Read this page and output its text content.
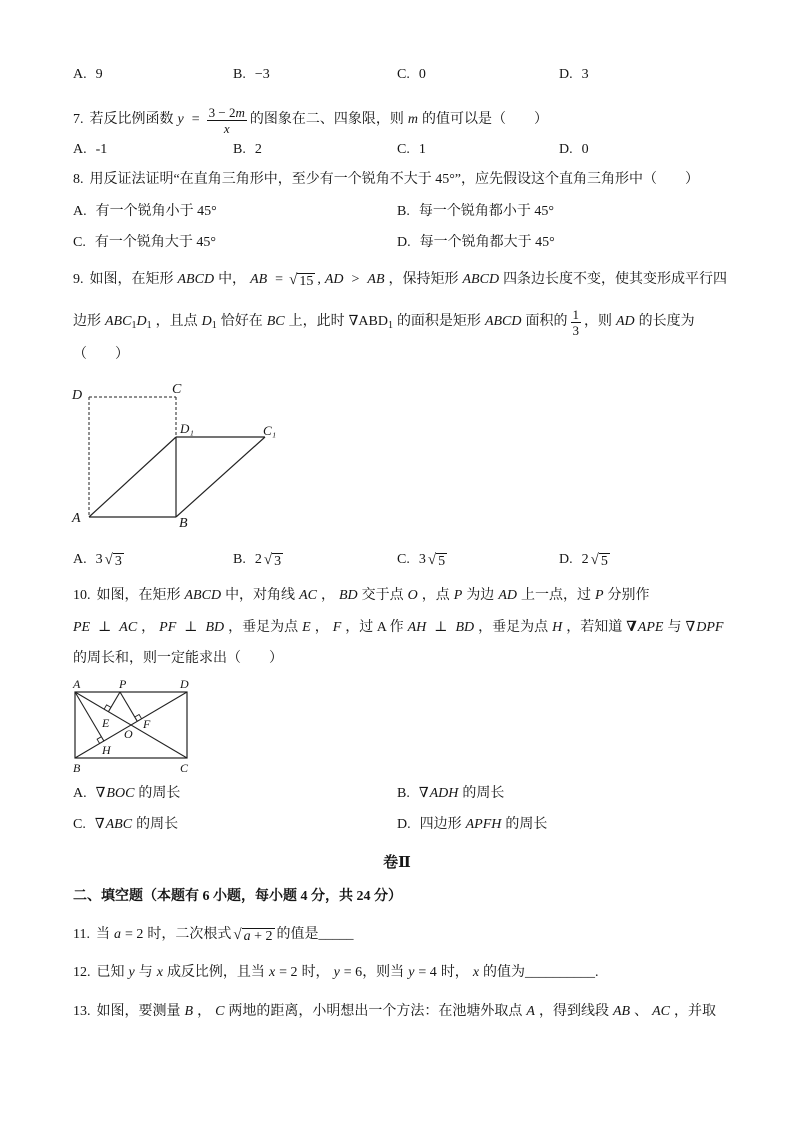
A. 9	B. −3	C. 0	D. 3
7. 若反比例函数 $y = \frac{3 - 2m}{x}$ 的图象在二、四象限，则 m 的值可以是（　　）
A. -1	B. 2	C. 1	D. 0
8. 用反证法证明“在直角三角形中，至少有一个锐角不大于 45°”，应先假设这个直角三角形中（　　）
A. 有一个锐角小于 45°	B. 每一个锐角都小于 45°
C. 有一个锐角大于 45°	D. 每一个锐角都大于 45°
9. 如图，在矩形 ABCD 中， AB = √ 15 , AD > AB ，保持矩形 ABCD 四条边长度不变，使其变形成平行四
边形 $ABC_1D_1$ ，且点 $D_1$ 恰好在 BC 上，此时 $\nabla ABD_1$ 的面积是矩形 ABCD 面积的 $\frac{1}{3}$ ，则 AD 的长度为
（　　）
D	C
D₁	C₁
A	B
A. 3 √ 3	B. 2 √ 3	C. 3 √ 5	D. 2 √ 5
10. 如图，在矩形 ABCD 中，对角线 AC ， BD 交于点 O ，点 P 为边 AD 上一点，过 P 分别作
PE ⊥ AC ， PF ⊥ BD ，垂足为点 E ， F ，过 A 作 AH ⊥ BD ，垂足为点 H ，若知道 ∇ APE 与 ∇ DPF
的周长和，则一定能求出（　　）
A	P	D
E	F
O
H
B	C
A. ∇ BOC 的周长	B. ∇ ADH 的周长
C. ∇ ABC 的周长	D. 四边形 APFH 的周长
卷Ⅱ
二、填空题（本题有 6 小题，每小题 4 分，共 24 分）
11. 当 a = 2 时，二次根式 √ a + 2 的值是 _____
12. 已知 y 与 x 成反比例，且当 x = 2 时， y = 6 ，则当 y = 4 时， x 的值为 __________ .
13. 如图，要测量 B ， C 两地的距离，小明想出一个方法：在池塘外取点 A ，得到线段 AB 、 AC ，并取
